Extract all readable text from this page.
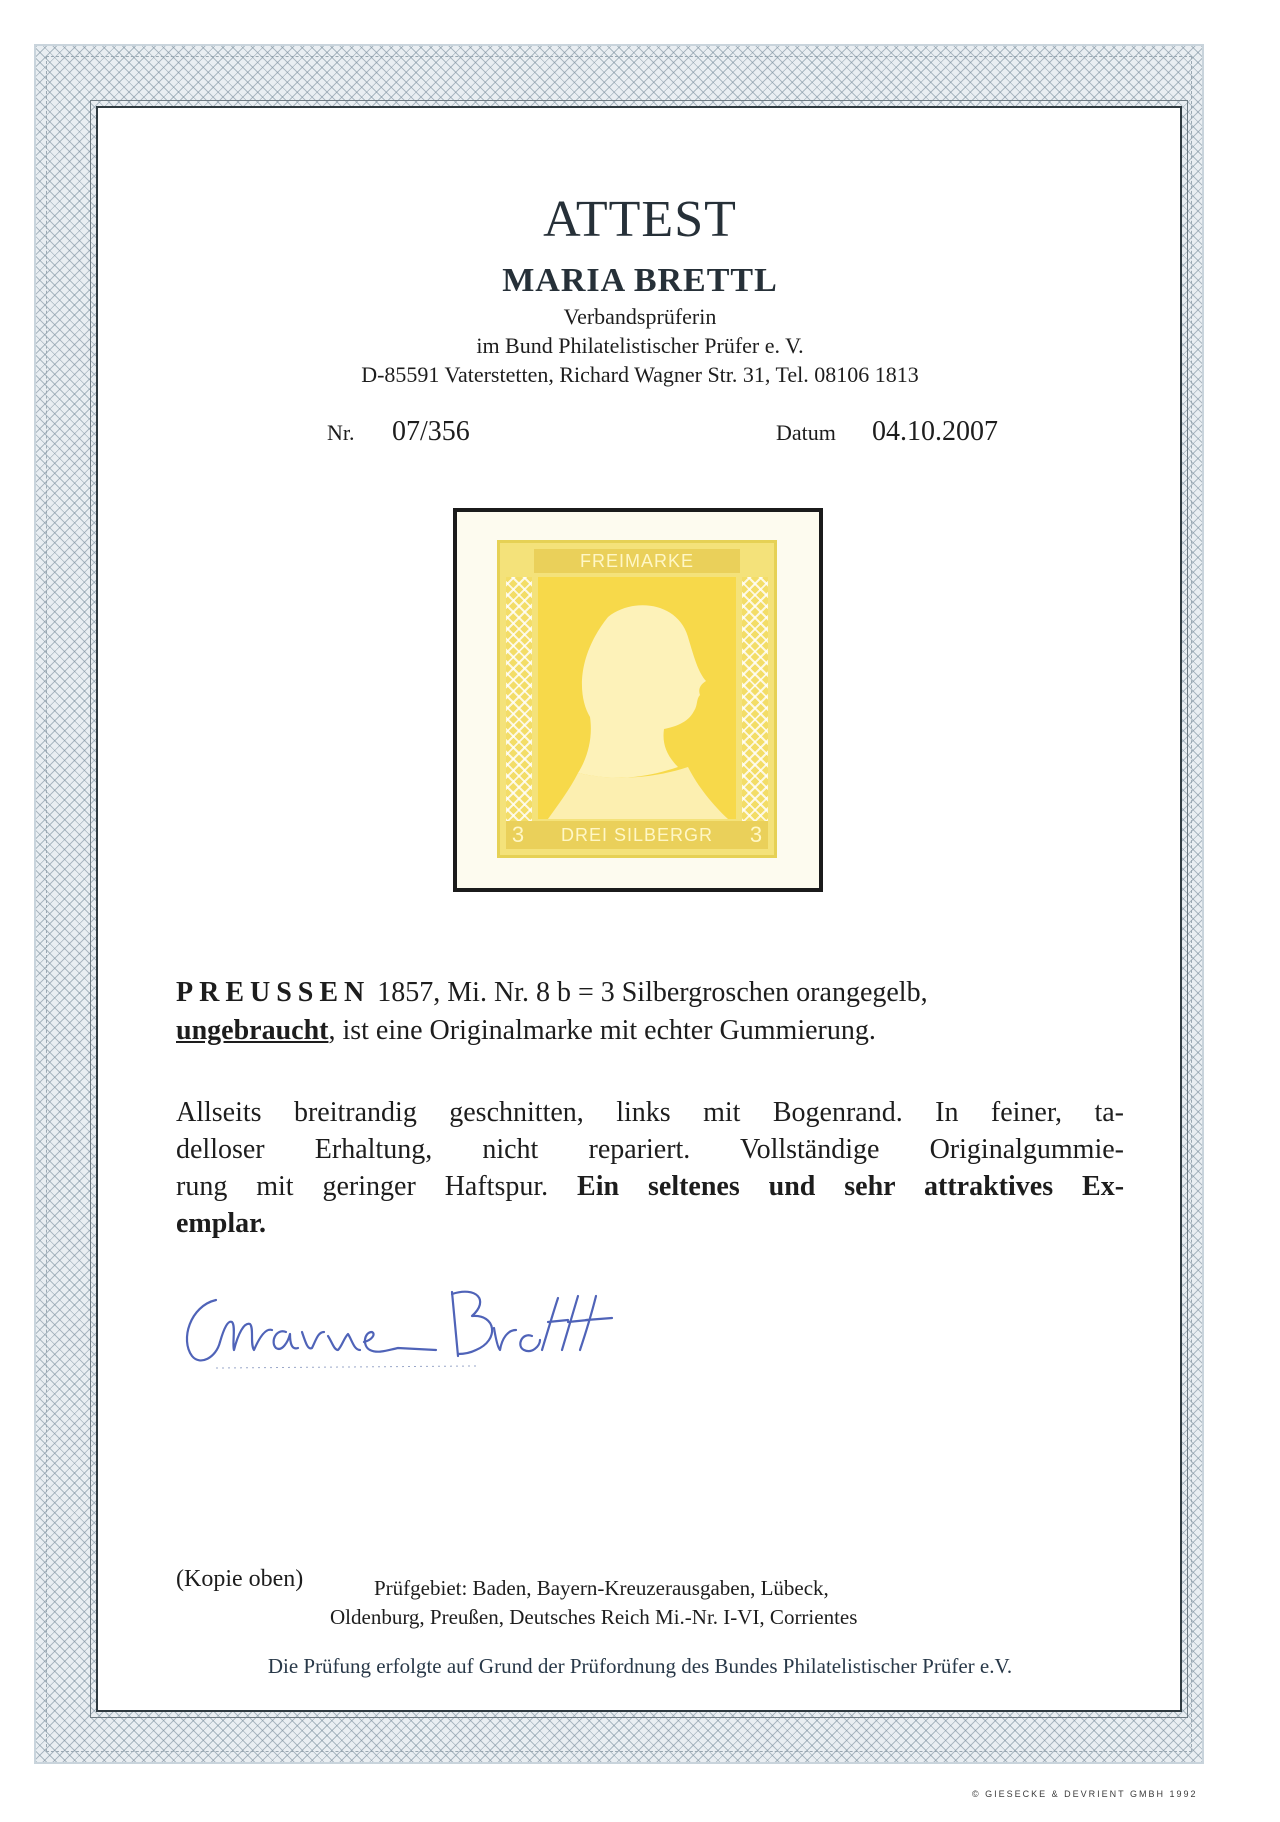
ATTEST
MARIA BRETTL
Verbandsprüferin
im Bund Philatelistischer Prüfer e. V.
D-85591 Vaterstetten, Richard Wagner Str. 31, Tel. 08106 1813
Nr. 07/356	Datum 04.10.2007
FREIMARKE
3	DREI SILBERGR	3
PREUSSEN 1857, Mi. Nr. 8 b = 3 Silbergroschen orangegelb,
ungebraucht, ist eine Originalmarke mit echter Gummierung.
Allseits breitrandig geschnitten, links mit Bogenrand. In feiner, ta-
delloser Erhaltung, nicht repariert. Vollständige Originalgummie-
rung mit geringer Haftspur. Ein seltenes und sehr attraktives Ex-
emplar.
(Kopie oben)	Prüfgebiet: Baden, Bayern-Kreuzerausgaben, Lübeck,
Oldenburg, Preußen, Deutsches Reich Mi.-Nr. I-VI, Corrientes
Die Prüfung erfolgte auf Grund der Prüfordnung des Bundes Philatelistischer Prüfer e.V.
© GIESECKE & DEVRIENT GMBH 1992
